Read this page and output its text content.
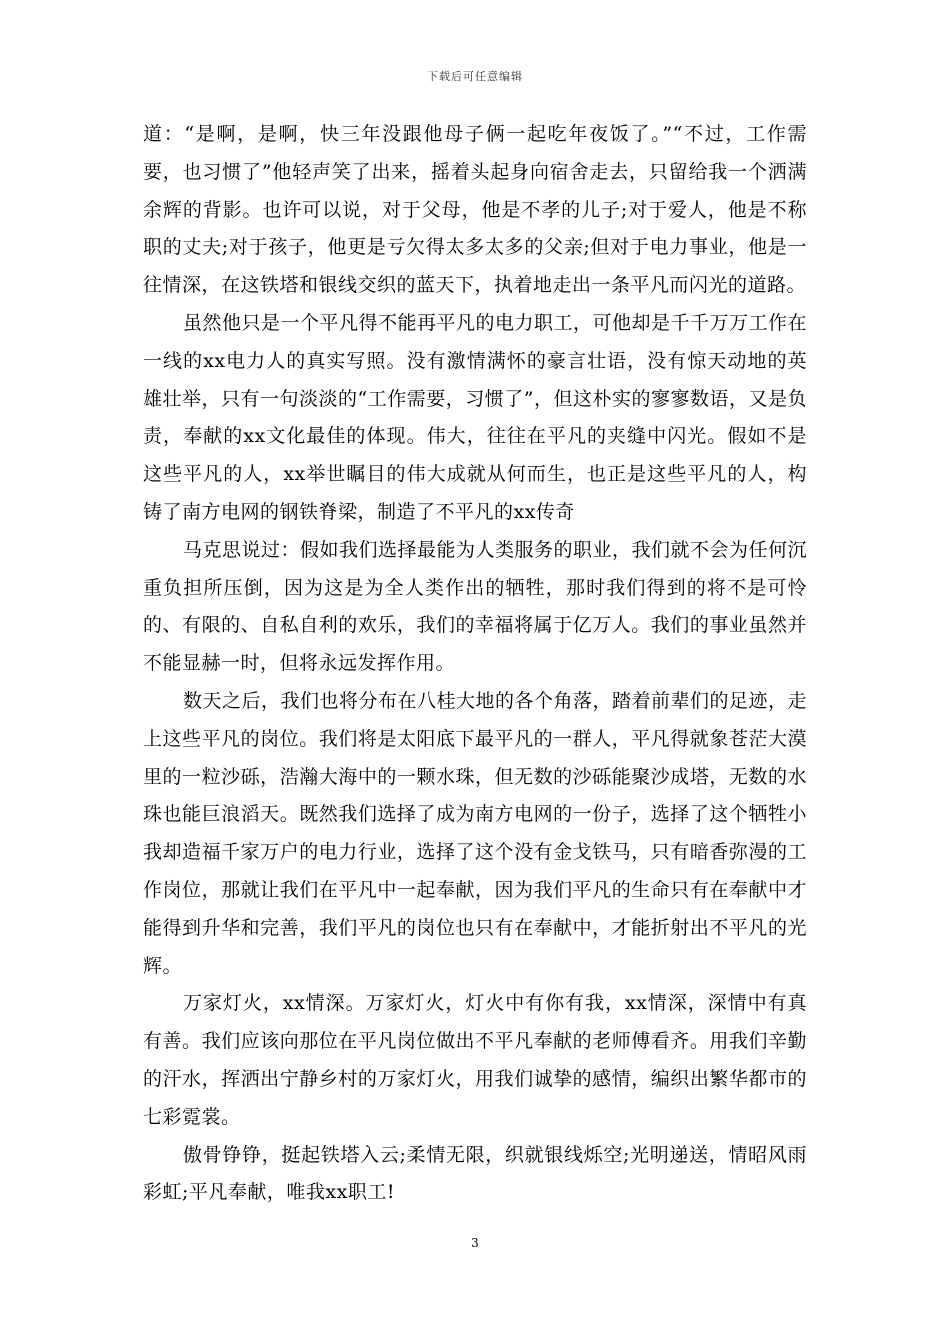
下载后可任意编辑

道：“是啊，是啊，快三年没跟他母子俩一起吃年夜饭了。”“不过，工作需要，也习惯了”他轻声笑了出来，摇着头起身向宿舍走去，只留给我一个洒满余辉的背影。也许可以说，对于父母，他是不孝的儿子;对于爱人，他是不称职的丈夫;对于孩子，他更是亏欠得太多太多的父亲;但对于电力事业，他是一往情深，在这铁塔和银线交织的蓝天下，执着地走出一条平凡而闪光的道路。

虽然他只是一个平凡得不能再平凡的电力职工，可他却是千千万万工作在一线的xx电力人的真实写照。没有激情满怀的豪言壮语，没有惊天动地的英雄壮举，只有一句淡淡的“工作需要，习惯了”，但这朴实的寥寥数语，又是负责，奉献的xx文化最佳的体现。伟大，往往在平凡的夹缝中闪光。假如不是这些平凡的人，xx举世瞩目的伟大成就从何而生，也正是这些平凡的人，构铸了南方电网的钢铁脊梁，制造了不平凡的xx传奇

马克思说过：假如我们选择最能为人类服务的职业，我们就不会为任何沉重负担所压倒，因为这是为全人类作出的牺牲，那时我们得到的将不是可怜的、有限的、自私自利的欢乐，我们的幸福将属于亿万人。我们的事业虽然并不能显赫一时，但将永远发挥作用。

数天之后，我们也将分布在八桂大地的各个角落，踏着前辈们的足迹，走上这些平凡的岗位。我们将是太阳底下最平凡的一群人，平凡得就象苍茫大漠里的一粒沙砾，浩瀚大海中的一颗水珠，但无数的沙砾能聚沙成塔，无数的水珠也能巨浪滔天。既然我们选择了成为南方电网的一份子，选择了这个牺牲小我却造福千家万户的电力行业，选择了这个没有金戈铁马，只有暗香弥漫的工作岗位，那就让我们在平凡中一起奉献，因为我们平凡的生命只有在奉献中才能得到升华和完善，我们平凡的岗位也只有在奉献中，才能折射出不平凡的光辉。

万家灯火，xx情深。万家灯火，灯火中有你有我，xx情深，深情中有真有善。我们应该向那位在平凡岗位做出不平凡奉献的老师傅看齐。用我们辛勤的汗水，挥洒出宁静乡村的万家灯火，用我们诚挚的感情，编织出繁华都市的七彩霓裳。

傲骨铮铮，挺起铁塔入云;柔情无限，织就银线烁空;光明递送，情昭风雨彩虹;平凡奉献，唯我xx职工!

3
